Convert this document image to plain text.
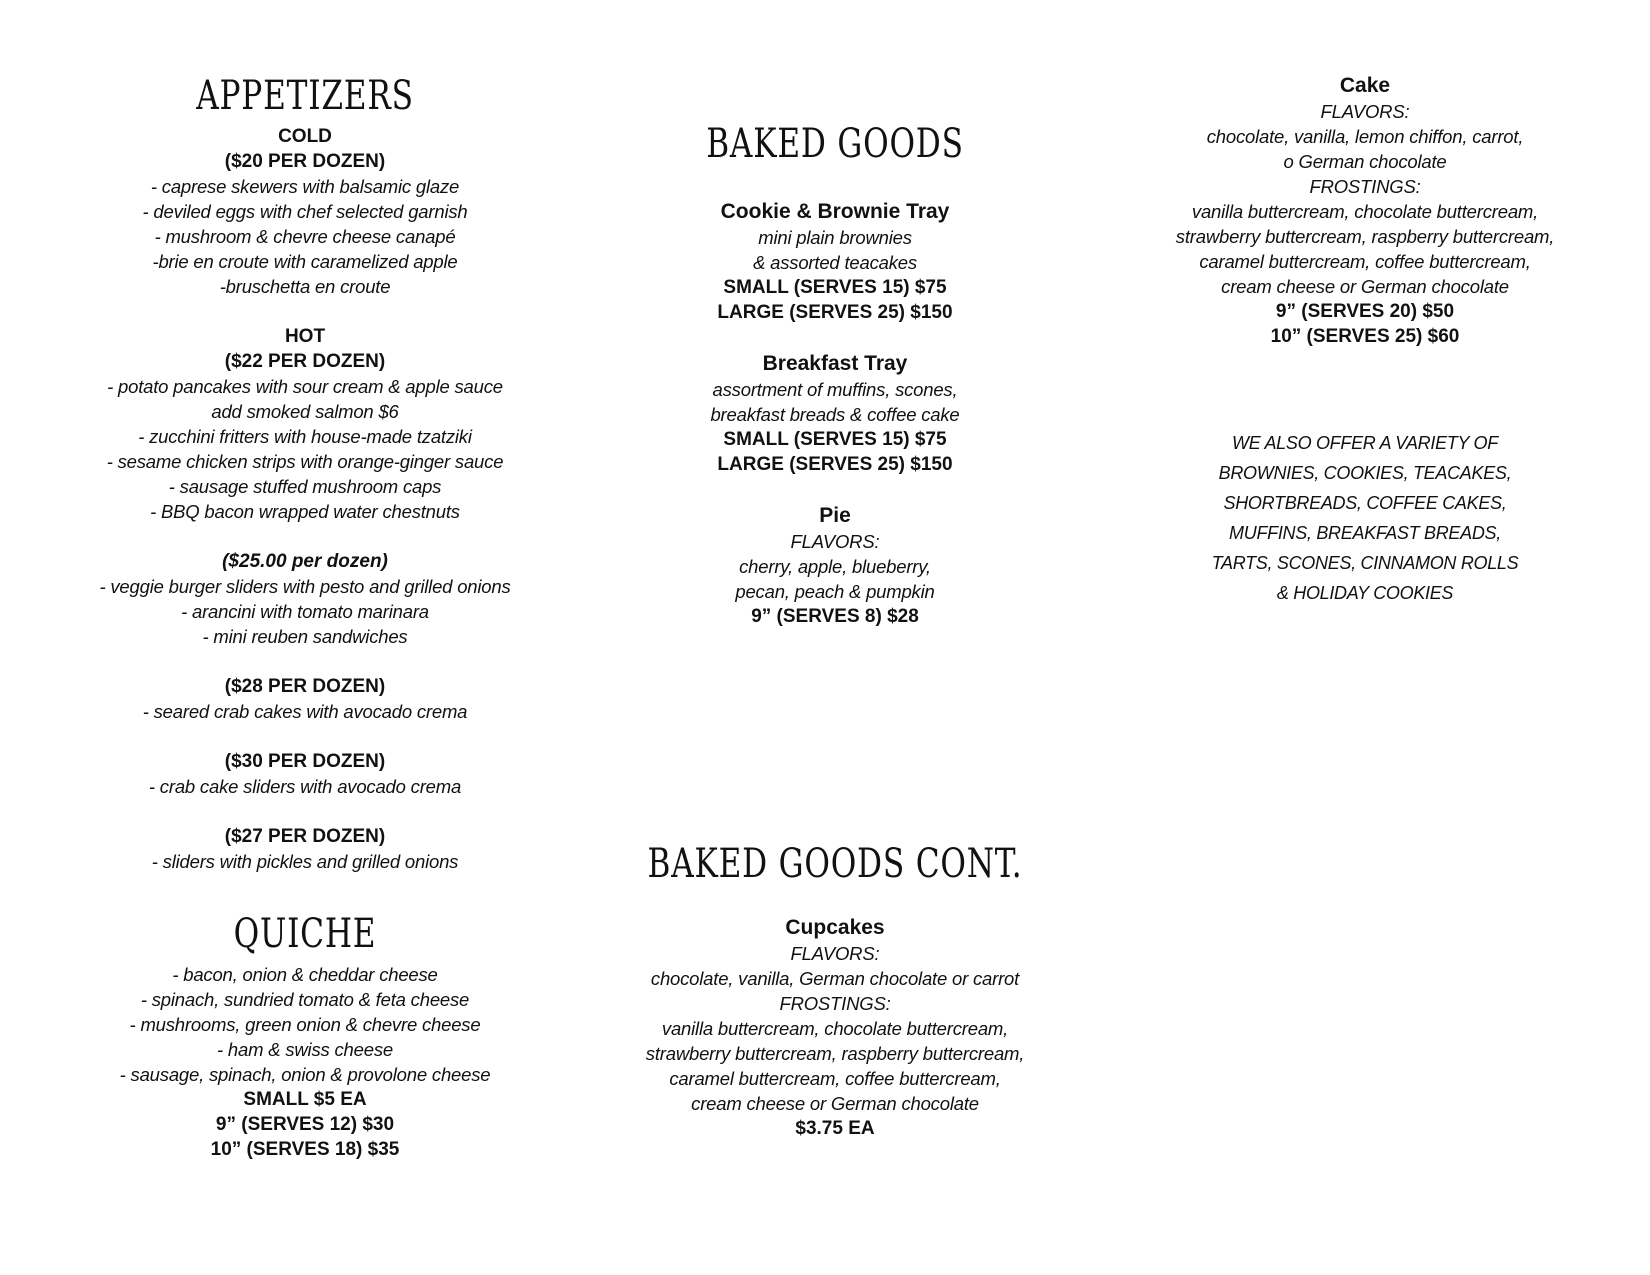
APPETIZERS
COLD
($20 PER DOZEN)
- caprese skewers with balsamic glaze
- deviled eggs with chef selected garnish
- mushroom & chevre cheese canapé
-brie en croute with caramelized apple
-bruschetta en croute
HOT
($22 PER DOZEN)
- potato pancakes with sour cream & apple sauce
add smoked salmon $6
- zucchini fritters with house-made tzatziki
- sesame chicken strips with orange-ginger sauce
- sausage stuffed mushroom caps
- BBQ bacon wrapped water chestnuts
($25.00 per dozen)
- veggie burger sliders with pesto and grilled onions
- arancini with tomato marinara
- mini reuben sandwiches
($28 PER DOZEN)
- seared crab cakes with avocado crema
($30 PER DOZEN)
- crab cake sliders with avocado crema
($27 PER DOZEN)
- sliders with pickles and grilled onions
QUICHE
- bacon, onion & cheddar cheese
- spinach, sundried tomato & feta cheese
- mushrooms, green onion & chevre cheese
- ham & swiss cheese
- sausage, spinach, onion & provolone cheese
SMALL $5 EA
9” (SERVES 12) $30
10” (SERVES 18) $35
BAKED GOODS
Cookie & Brownie Tray
mini plain brownies
& assorted teacakes
SMALL (SERVES 15) $75
LARGE (SERVES 25) $150
Breakfast Tray
assortment of muffins, scones,
breakfast breads & coffee cake
SMALL (SERVES 15) $75
LARGE (SERVES 25) $150
Pie
FLAVORS:
cherry, apple, blueberry,
pecan, peach & pumpkin
9” (SERVES 8) $28
BAKED GOODS CONT.
Cupcakes
FLAVORS:
chocolate, vanilla, German chocolate or carrot
FROSTINGS:
vanilla buttercream, chocolate buttercream,
strawberry buttercream, raspberry buttercream,
caramel buttercream, coffee buttercream,
cream cheese or German chocolate
$3.75 EA
Cake
FLAVORS:
chocolate, vanilla, lemon chiffon, carrot,
o German chocolate
FROSTINGS:
vanilla buttercream, chocolate buttercream,
strawberry buttercream, raspberry buttercream,
caramel buttercream, coffee buttercream,
cream cheese or German chocolate
9” (SERVES 20) $50
10” (SERVES 25) $60
WE ALSO OFFER A VARIETY OF
BROWNIES, COOKIES, TEACAKES,
SHORTBREADS, COFFEE CAKES,
MUFFINS, BREAKFAST BREADS,
TARTS, SCONES, CINNAMON ROLLS
& HOLIDAY COOKIES
